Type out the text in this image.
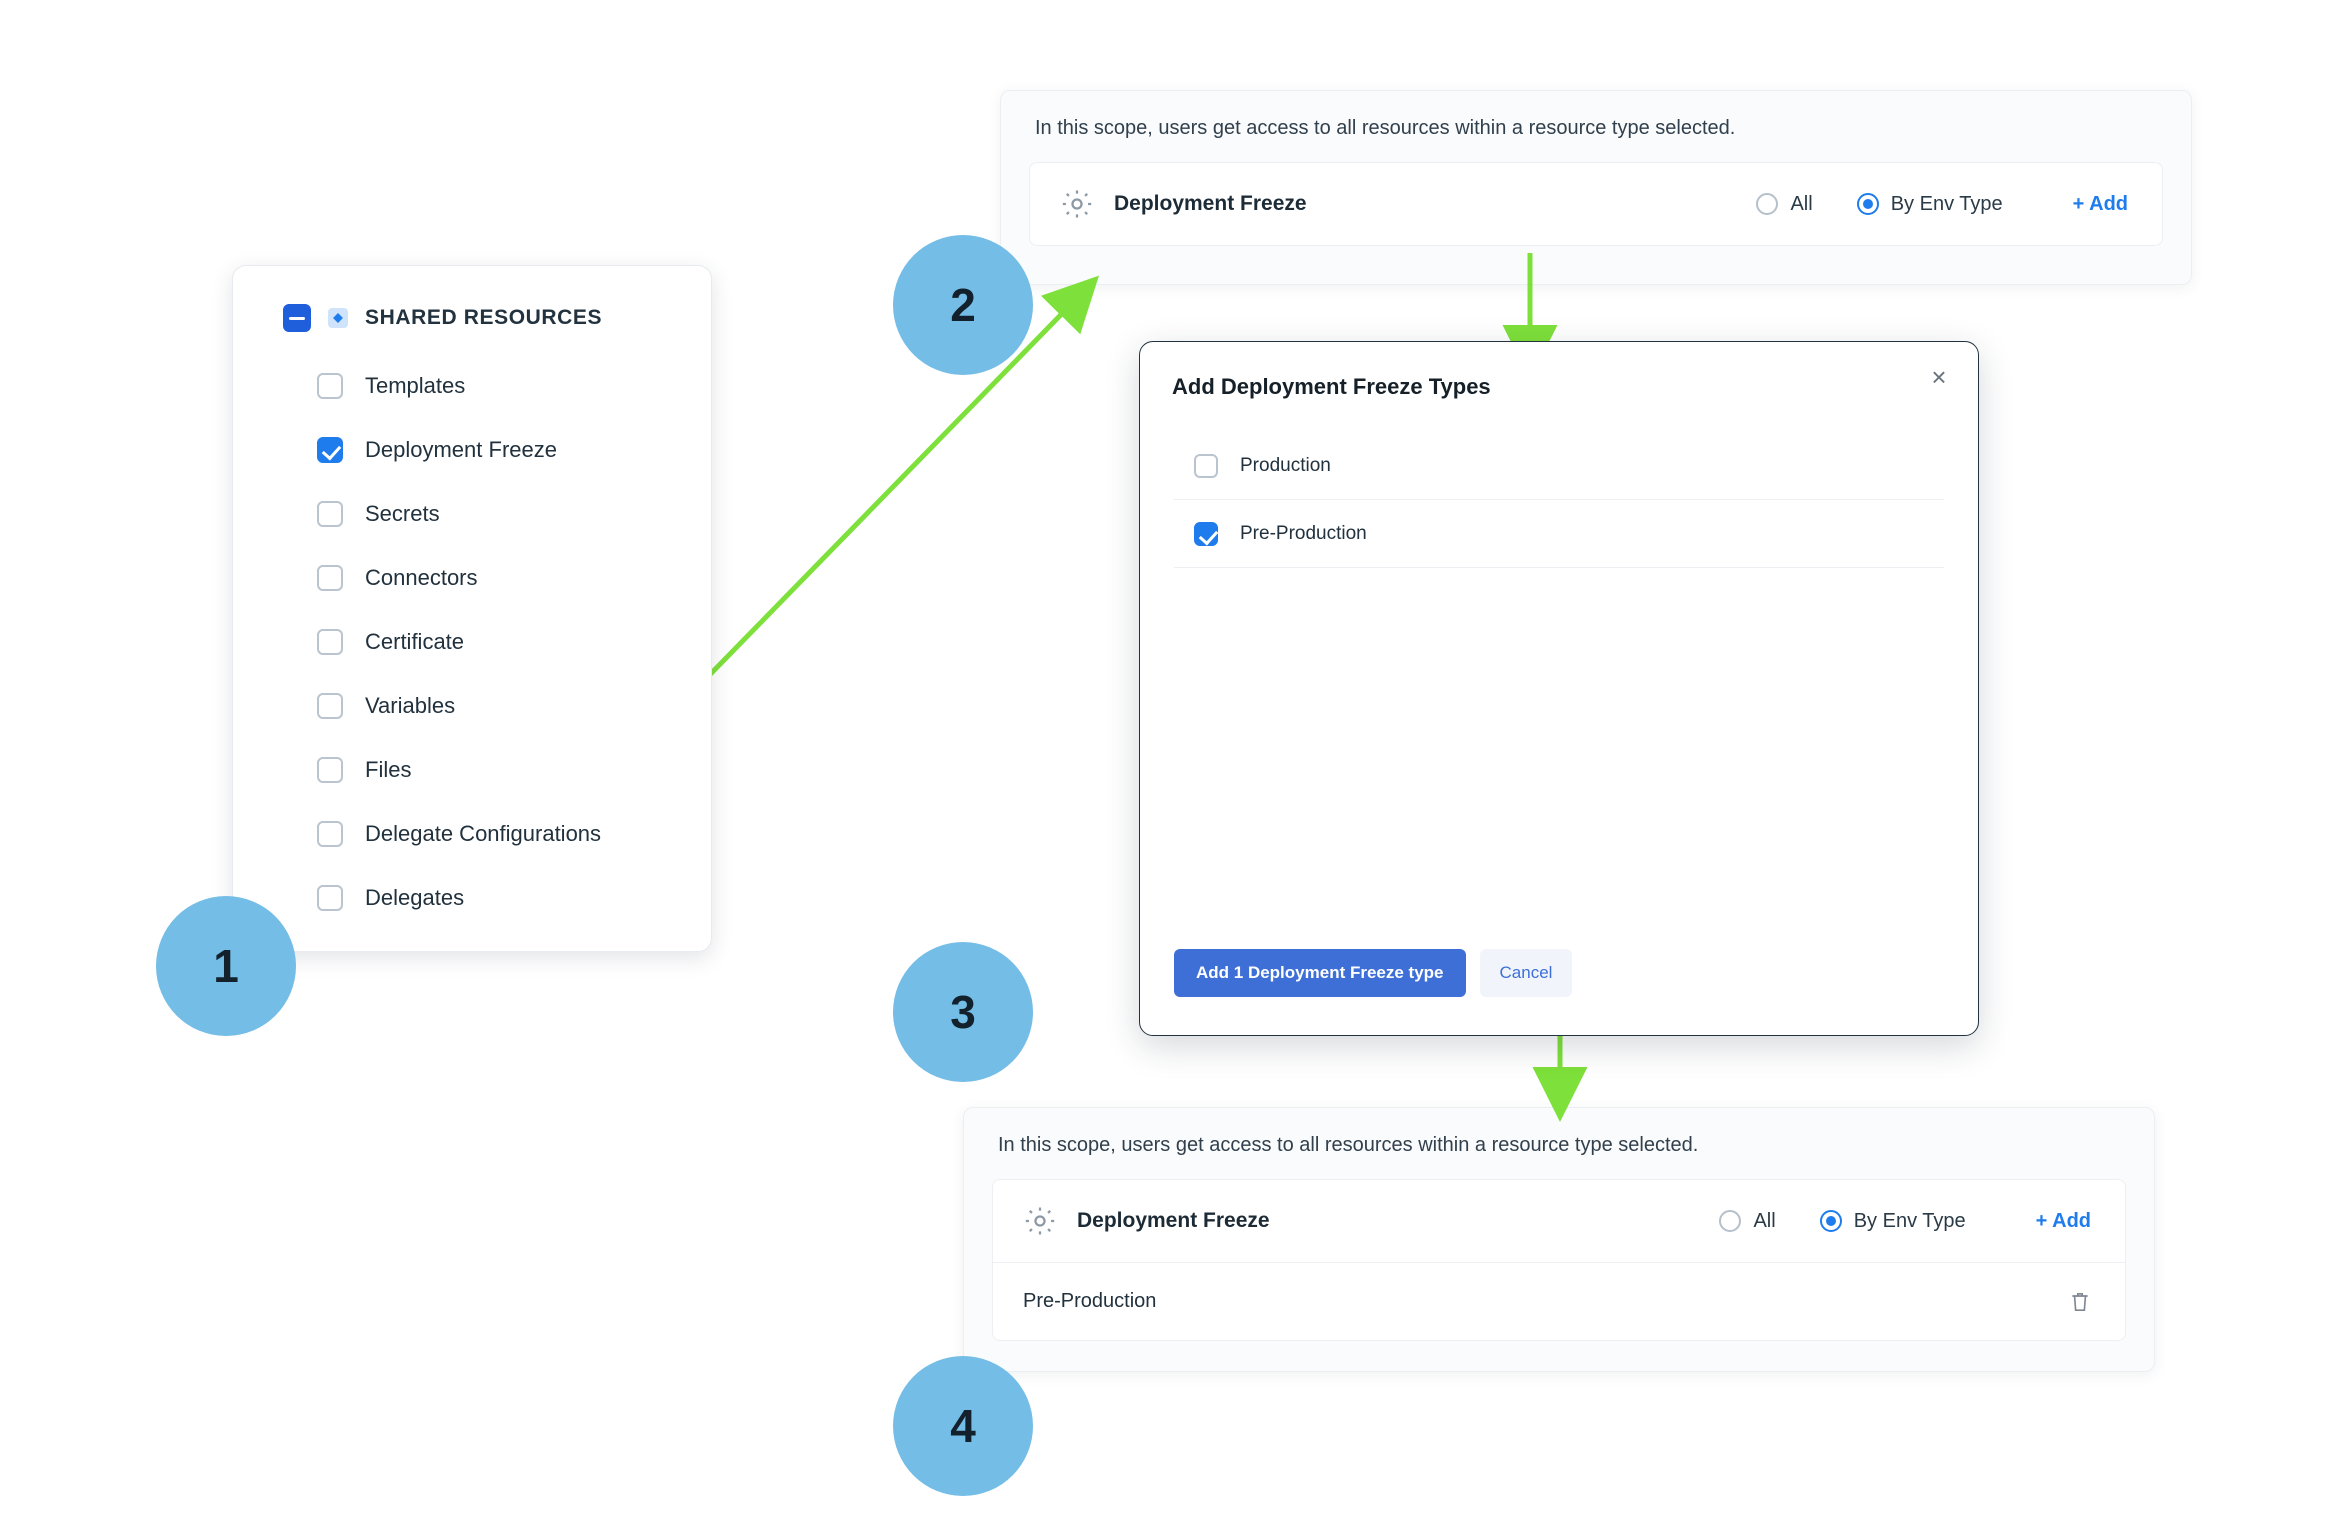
1
2
3
4
SHARED RESOURCES
Templates
Deployment Freeze
Secrets
Connectors
Certificate
Variables
Files
Delegate Configurations
Delegates
In this scope, users get access to all resources within a resource type selected.
Deployment Freeze	All	By Env Type	+ Add
Add Deployment Freeze Types	×
Production
Pre-Production
Add 1 Deployment Freeze type	Cancel
In this scope, users get access to all resources within a resource type selected.
Deployment Freeze	All	By Env Type	+ Add
Pre-Production
